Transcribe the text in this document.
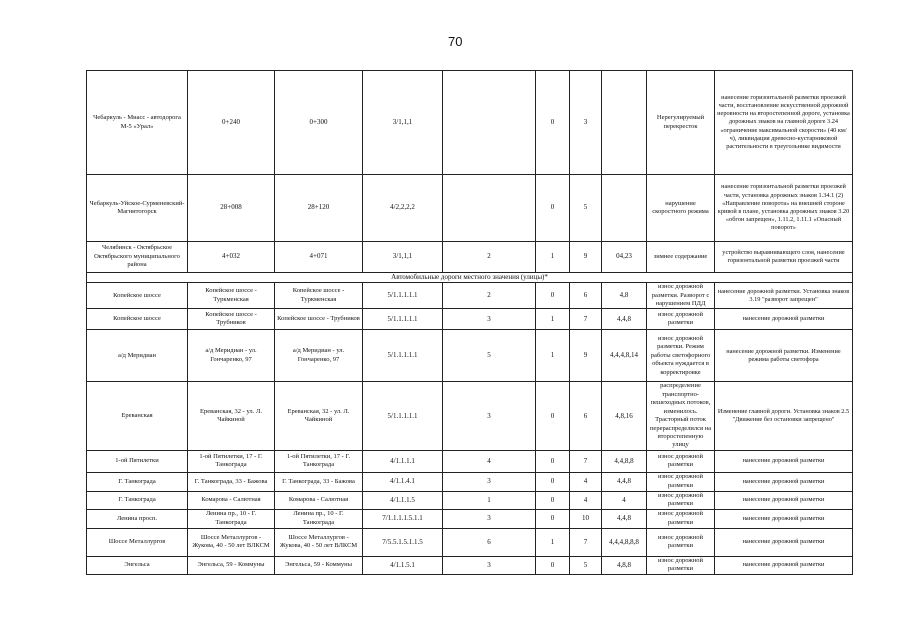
70
Чебаркуль - Миасс - автодорога М-5 «Урал»	0+240	0+300	3/1,1,1		0	3		Нерегулируемый перекресток	нанесение горизонтальной разметки проезжей части, восстановление искусственной дорожной неровности на второстепенной дороге, установка дорожных знаков на главной дороге 3.24 «ограничение максимальной скорости» (40 км/ч), ликвидация древесно-кустарниковой растительности в треугольнике видимости
Чебаркуль-Уйское-Сурменевский-Магнитогорск	28+008	28+120	4/2,2,2,2		0	5		нарушение скоростного режима	нанесение горизонтальной разметки проезжей части, установка дорожных знаков 1.34.1 (2) «Направление поворота» на внешней стороне кривой в плане, установка дорожных знаков 3.20 «обгон запрещен», 1.11.2, 1.11.1 «Опасный поворот»
Челябинск - Октябрьское Октябрьского муниципального района	4+032	4+071	3/1,1,1	2	1	9	04,23	зимнее содержание	устройство выравнивающего слоя, нанесение горизонтальной разметки проезжей части
Автомобильные дороги местного значения (улицы)*									
Копейское шоссе	Копейское шоссе - Туркменская	Копейское шоссе - Туркменская	5/1.1.1.1.1	2	0	6	4,8	износ дорожной разметки. Разворот с нарушением ПДД	нанесение дорожной разметки. Установка знаков 3.19 "разворот запрещен"
Копейское шоссе	Копейское шоссе - Трубников	Копейское шоссе - Трубников	5/1.1.1.1.1	3	1	7	4,4,8	износ дорожной разметки	нанесение дорожной разметки
а/д Меридиан	а/д Меридиан - ул. Гончаренко, 97	а/д Меридиан - ул. Гончаренко, 97	5/1.1.1.1.1	5	1	9	4,4,4,8,14	износ дорожной разметки. Режим работы светофорного объекта нуждается в корректировке	нанесение дорожной разметки. Изменение режима работы светофора
Ереванская	Ереванская, 32 - ул. Л. Чайкиной	Ереванская, 32 - ул. Л. Чайкиной	5/1.1.1.1.1	3	0	6	4,8,16	распределение транспортно-пешеходных потоков, изменилось. Трасторный поток перераспределился на второстепенную улицу	Изменение главной дороги. Установка знаков 2.5 "Движение без остановки запрещено"
1-ой Пятилетки	1-ой Пятилетки, 17 - Г. Танкограда	1-ой Пятилетки, 17 - Г. Танкограда	4/1.1.1.1	4	0	7	4,4,8,8	износ дорожной разметки	нанесение дорожной разметки
Г. Танкограда	Г. Танкограда, 33 - Бажова	Г. Танкограда, 33 - Бажова	4/1.1.4.1	3	0	4	4,4,8	износ дорожной разметки	нанесение дорожной разметки
Г. Танкограда	Комарова - Салютная	Комарова - Салютная	4/1.1.1.5	1	0	4	4	износ дорожной разметки	нанесение дорожной разметки
Ленина просп.	Ленина пр., 10 - Г. Танкограда	Ленина пр., 10 - Г. Танкограда	7/1.1.1.1.5.1.1	3	0	10	4,4,8	износ дорожной разметки	нанесение дорожной разметки
Шоссе Металлургов	Шоссе Металлургов - Жукова, 40 - 50 лет ВЛКСМ	Шоссе Металлургов - Жукова, 40 - 50 лет ВЛКСМ	7/5.5.1.5.1.1.5	6	1	7	4,4,4,8,8,8	износ дорожной разметки	нанесение дорожной разметки
Энгельса	Энгельса, 59 - Коммуны	Энгельса, 59 - Коммуны	4/1.1.5.1	3	0	5	4,8,8	износ дорожной разметки	нанесение дорожной разметки
